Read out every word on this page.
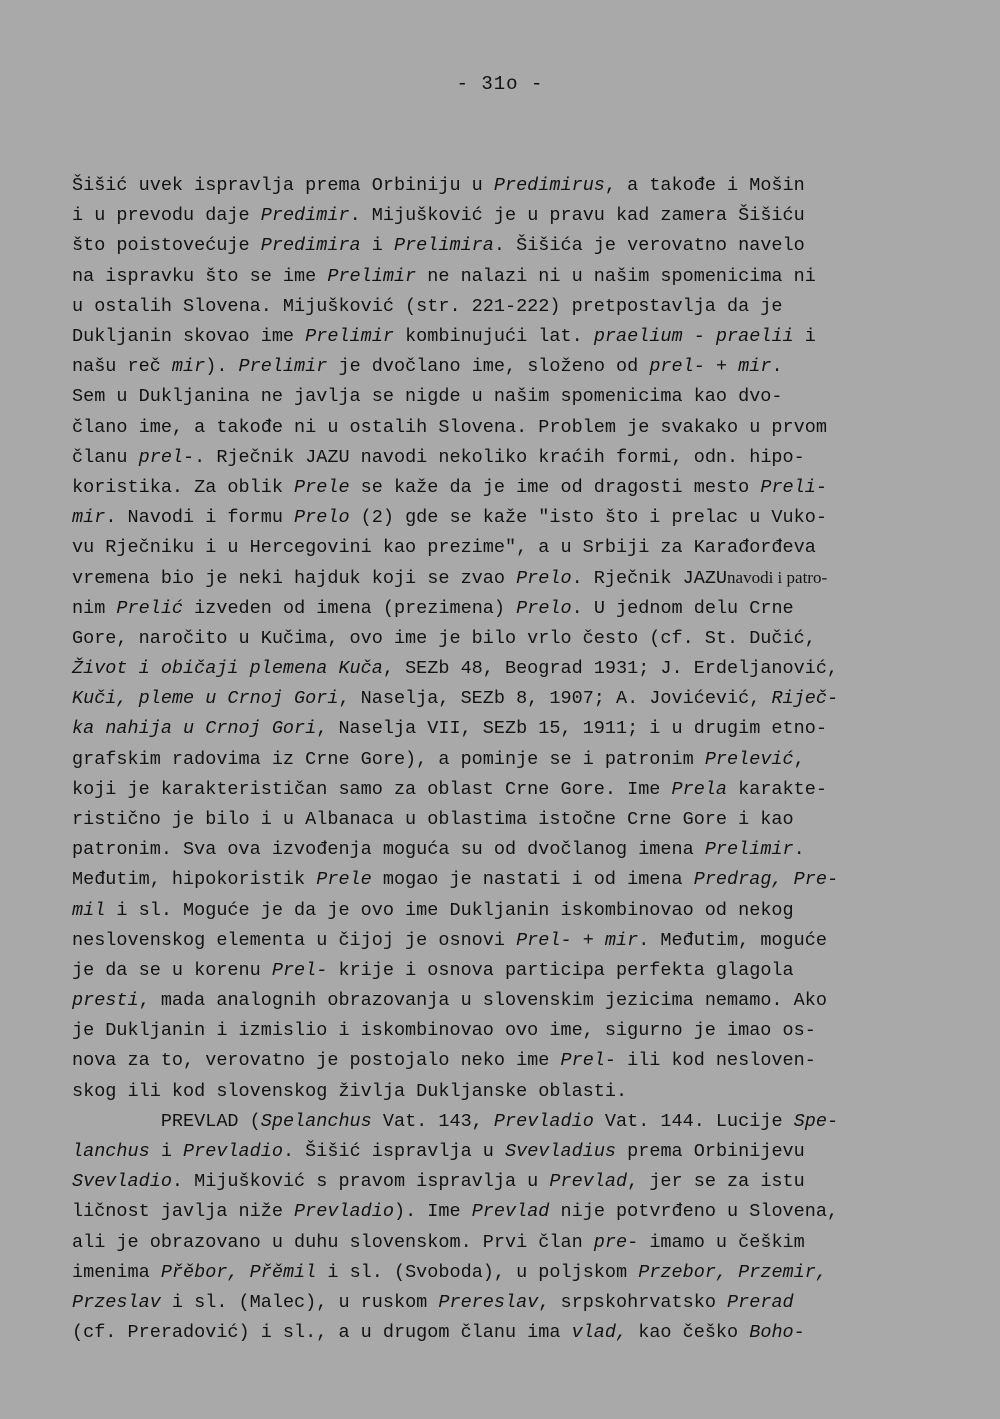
- 31o -
Šišić uvek ispravlja prema Orbiniju u Predimirus, a takođe i Mošin
i u prevodu daje Predimir. Mijušković je u pravu kad zamera Šišiću
što poistovećuje Predimira i Prelimira. Šišića je verovatno navelo
na ispravku što se ime Prelimir ne nalazi ni u našim spomenicima ni
u ostalih Slovena. Mijušković (str. 221-222) pretpostavlja da je
Dukljanin skovao ime Prelimir kombinujući lat. praelium - praelii i
našu reč mir). Prelimir je dvočlano ime, složeno od prel- + mir.
Sem u Dukljanina ne javlja se nigde u našim spomenicima kao dvo-
člano ime, a takođe ni u ostalih Slovena. Problem je svakako u prvom
članu prel-. Rječnik JAZU navodi nekoliko kraćih formi, odn. hipo-
koristika. Za oblik Prele se kaže da je ime od dragosti mesto Preli-
mir. Navodi i formu Prelo (2) gde se kaže "isto što i prelac u Vuko-
vu Rječniku i u Hercegovini kao prezime", a u Srbiji za Karađorđeva
vremena bio je neki hajduk koji se zvao Prelo. Rječnik JAZUnavodi i patro-
nim Prelić izveden od imena (prezimena) Prelo. U jednom delu Crne
Gore, naročito u Kučima, ovo ime je bilo vrlo često (cf. St. Dučić,
Život i običaji plemena Kuča, SEZb 48, Beograd 1931; J. Erdeljanović,
Kuči, pleme u Crnoj Gori, Naselja, SEZb 8, 1907; A. Jovićević, Riječ-
ka nahija u Crnoj Gori, Naselja VII, SEZb 15, 1911; i u drugim etno-
grafskim radovima iz Crne Gore), a pominje se i patronim Prelević,
koji je karakterističan samo za oblast Crne Gore. Ime Prela karakte-
ristično je bilo i u Albanaca u oblastima istočne Crne Gore i kao
patronim. Sva ova izvođenja moguća su od dvočlanog imena Prelimir.
Međutim, hipokoristik Prele mogao je nastati i od imena Predrag, Pre-
mil i sl. Moguće je da je ovo ime Dukljanin iskombinovao od nekog
neslovenskog elementa u čijoj je osnovi Prel- + mir. Međutim, moguće
je da se u korenu Prel- krije i osnova participa perfekta glagola
presti, mada analognih obrazovanja u slovenskim jezicima nemamo. Ako
je Dukljanin i izmislio i iskombinovao ovo ime, sigurno je imao os-
nova za to, verovatno je postojalo neko ime Prel- ili kod nesloven-
skog ili kod slovenskog življa Dukljanske oblasti.
PREVLAD (Spelanchus Vat. 143, Prevladio Vat. 144. Lucije Spe-
lanchus i Prevladio. Šišić ispravlja u Svevladius prema Orbinijevu
Svevladio. Mijušković s pravom ispravlja u Prevlad, jer se za istu
ličnost javlja niže Prevladio). Ime Prevlad nije potvrđeno u Slovena,
ali je obrazovano u duhu slovenskom. Prvi član pre- imamo u češkim
imenima Přěbor, Přěmil i sl. (Svoboda), u poljskom Przebor, Przemir,
Przeslav i sl. (Malec), u ruskom Prereslav, srpskohrvatsko Prerad
(cf. Preradović) i sl., a u drugom članu ima vlad, kao češko Boho-
